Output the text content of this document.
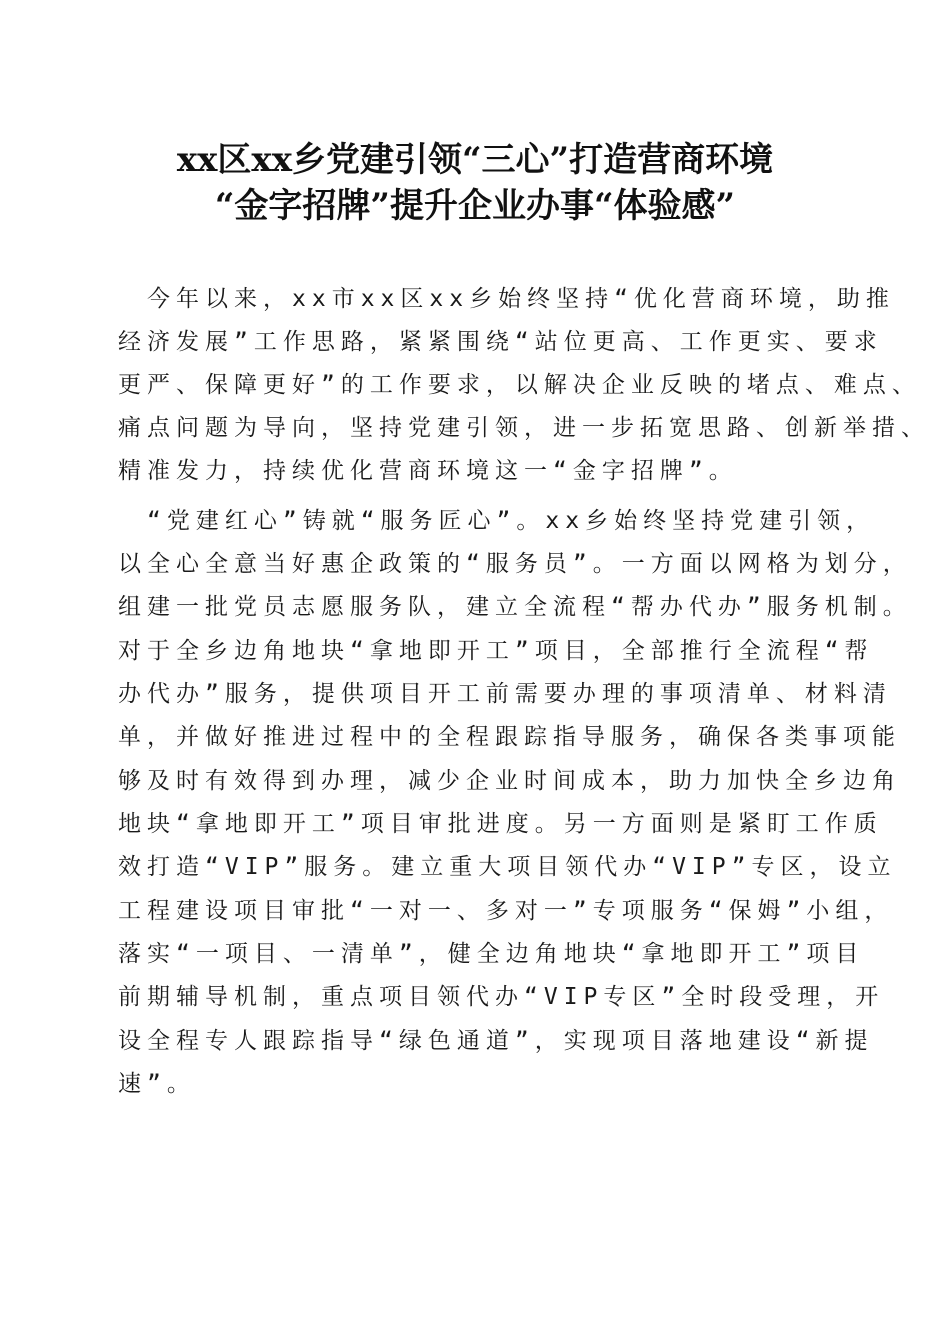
xx区xx乡党建引领“三心”打造营商环境
“金字招牌”提升企业办事“体验感”
　今年以来，xx市xx区xx乡始终坚持“优化营商环境，助推
经济发展”工作思路，紧紧围绕“站位更高、工作更实、要求
更严、保障更好”的工作要求，以解决企业反映的堵点、难点、
痛点问题为导向，坚持党建引领，进一步拓宽思路、创新举措、
精准发力，持续优化营商环境这一“金字招牌”。
　“党建红心”铸就“服务匠心”。xx乡始终坚持党建引领，
以全心全意当好惠企政策的“服务员”。一方面以网格为划分，
组建一批党员志愿服务队，建立全流程“帮办代办”服务机制。
对于全乡边角地块“拿地即开工”项目，全部推行全流程“帮
办代办”服务，提供项目开工前需要办理的事项清单、材料清
单，并做好推进过程中的全程跟踪指导服务，确保各类事项能
够及时有效得到办理，减少企业时间成本，助力加快全乡边角
地块“拿地即开工”项目审批进度。另一方面则是紧盯工作质
效打造“VIP”服务。建立重大项目领代办“VIP”专区，设立
工程建设项目审批“一对一、多对一”专项服务“保姆”小组，
落实“一项目、一清单”，健全边角地块“拿地即开工”项目
前期辅导机制，重点项目领代办“VIP专区”全时段受理，开
设全程专人跟踪指导“绿色通道”，实现项目落地建设“新提
速”。
